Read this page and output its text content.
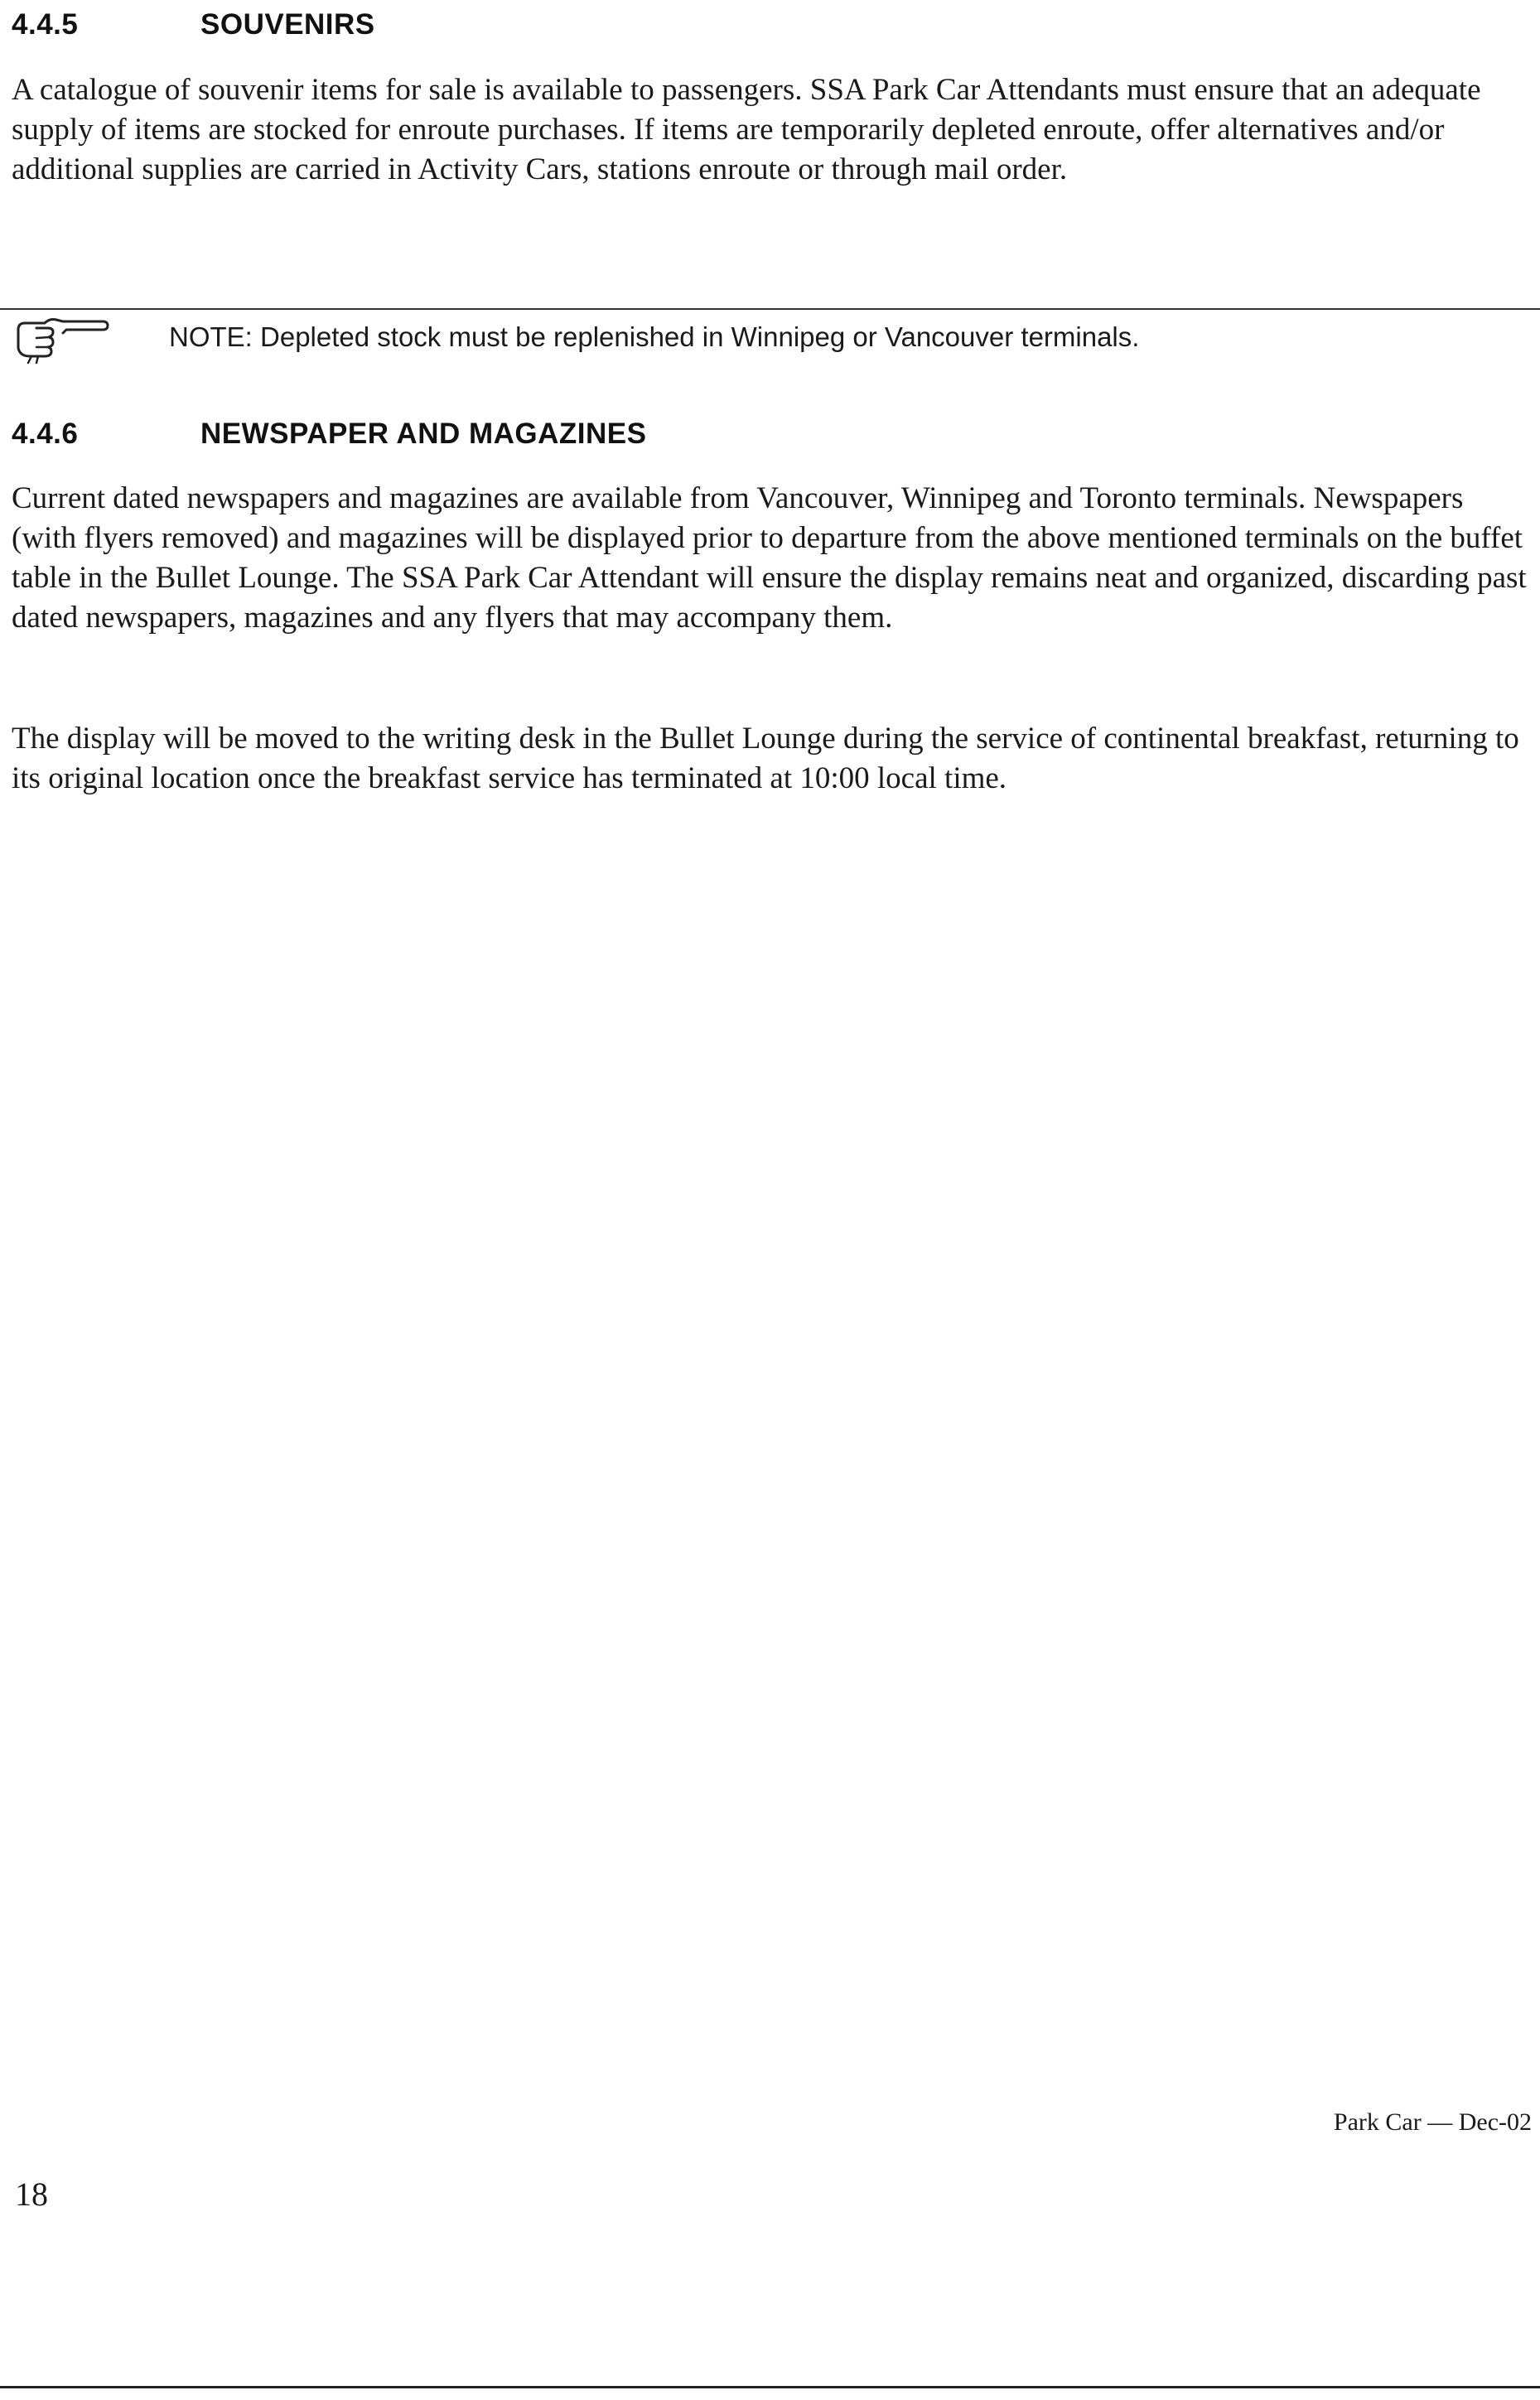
4.4.5	SOUVENIRS

A catalogue of souvenir items for sale is available to passengers. SSA Park Car Attendants must ensure that an adequate supply of items are stocked for enroute purchases. If items are temporarily depleted enroute, offer alternatives and/or additional supplies are carried in Activity Cars, stations enroute or through mail order.

NOTE: Depleted stock must be replenished in Winnipeg or Vancouver terminals.
4.4.6	NEWSPAPER AND MAGAZINES

Current dated newspapers and magazines are available from Vancouver, Winnipeg and Toronto terminals. Newspapers (with flyers removed) and magazines will be displayed prior to departure from the above mentioned terminals on the buffet table in the Bullet Lounge. The SSA Park Car Attendant will ensure the display remains neat and organized, discarding past dated newspapers, magazines and any flyers that may accompany them.

The display will be moved to the writing desk in the Bullet Lounge during the service of continental breakfast, returning to its original location once the breakfast service has terminated at 10:00 local time.

Park Car — Dec-02
18
